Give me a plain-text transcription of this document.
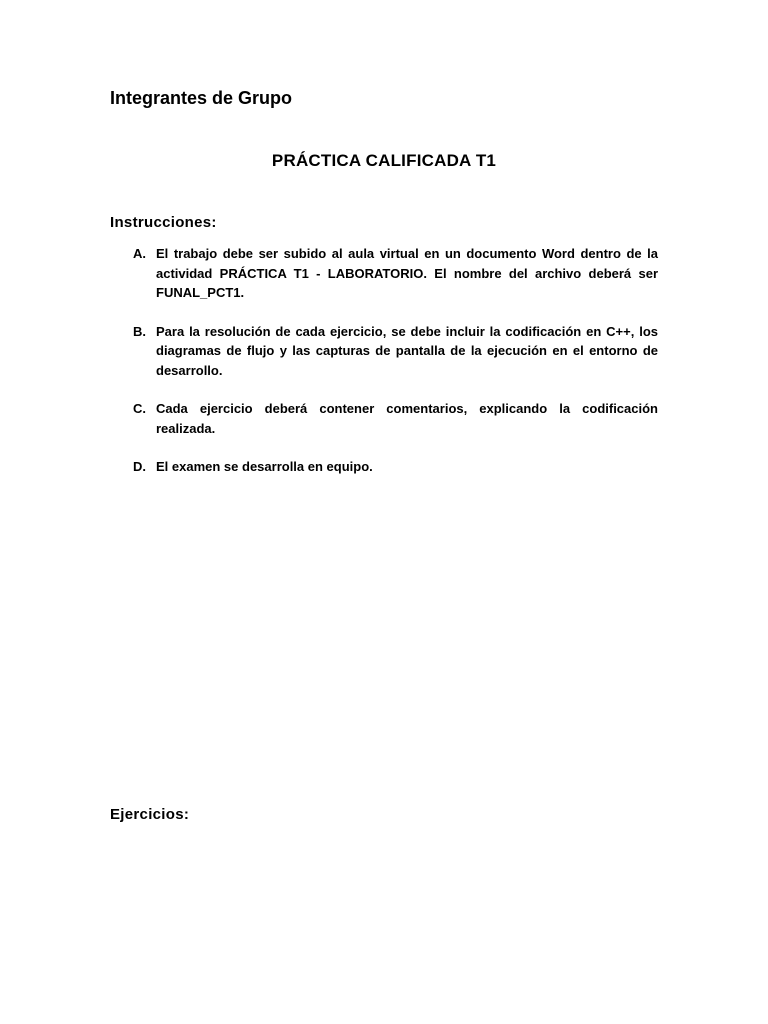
Integrantes de Grupo
PRÁCTICA CALIFICADA T1
Instrucciones:
A. El trabajo debe ser subido al aula virtual en un documento Word dentro de la actividad PRÁCTICA T1 - LABORATORIO. El nombre del archivo deberá ser FUNAL_PCT1.
B. Para la resolución de cada ejercicio, se debe incluir la codificación en C++, los diagramas de flujo y las capturas de pantalla de la ejecución en el entorno de desarrollo.
C. Cada ejercicio deberá contener comentarios, explicando la codificación realizada.
D. El examen se desarrolla en equipo.
Ejercicios:
